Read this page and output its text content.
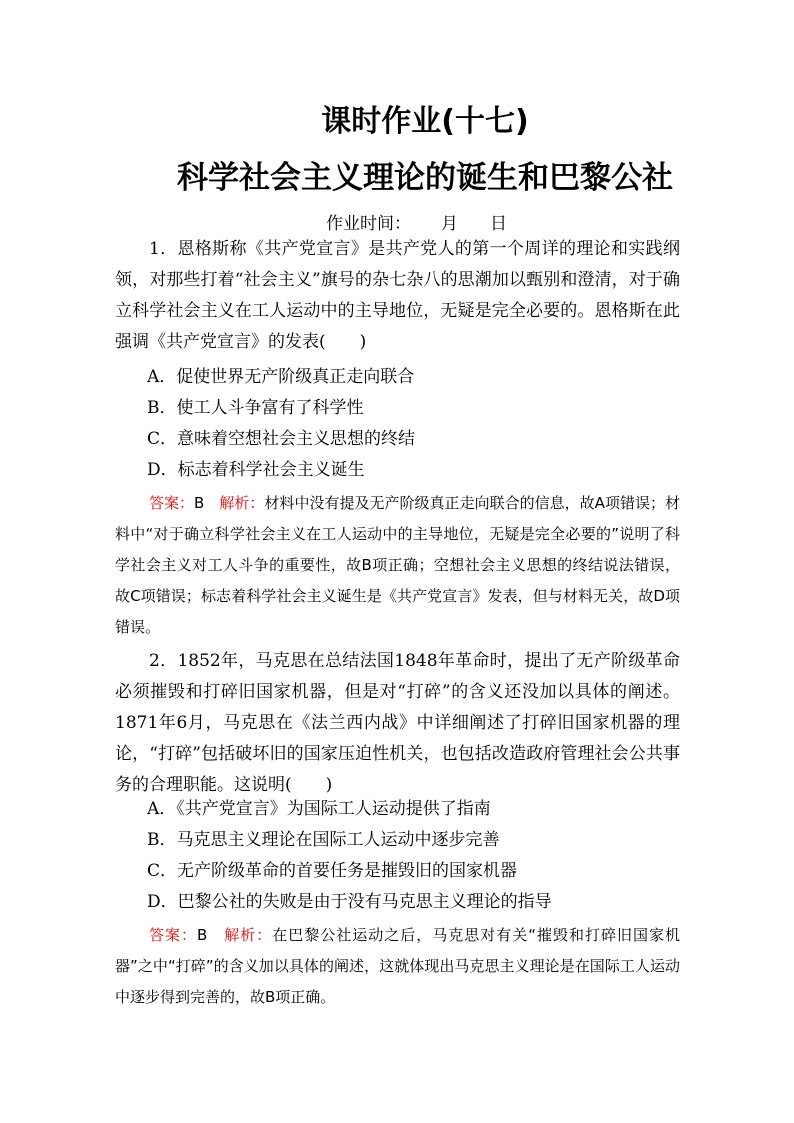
课时作业(十七)
科学社会主义理论的诞生和巴黎公社
作业时间： 月 日
1．恩格斯称《共产党宣言》是共产党人的第一个周详的理论和实践纲领，对那些打着“社会主义”旗号的杂七杂八的思潮加以甄别和澄清，对于确立科学社会主义在工人运动中的主导地位，无疑是完全必要的。恩格斯在此强调《共产党宣言》的发表(　　)
A．促使世界无产阶级真正走向联合
B．使工人斗争富有了科学性
C．意味着空想社会主义思想的终结
D．标志着科学社会主义诞生
答案：B　解析：材料中没有提及无产阶级真正走向联合的信息，故A项错误；材料中“对于确立科学社会主义在工人运动中的主导地位，无疑是完全必要的”说明了科学社会主义对工人斗争的重要性，故B项正确；空想社会主义思想的终结说法错误，故C项错误；标志着科学社会主义诞生是《共产党宣言》发表，但与材料无关，故D项错误。
2．1852年，马克思在总结法国1848年革命时，提出了无产阶级革命必须摧毁和打碎旧国家机器，但是对“打碎”的含义还没加以具体的阐述。1871年6月，马克思在《法兰西内战》中详细阐述了打碎旧国家机器的理论，“打碎”包括破坏旧的国家压迫性机关，也包括改造政府管理社会公共事务的合理职能。这说明(　　)
A．《共产党宣言》为国际工人运动提供了指南
B．马克思主义理论在国际工人运动中逐步完善
C．无产阶级革命的首要任务是摧毁旧的国家机器
D．巴黎公社的失败是由于没有马克思主义理论的指导
答案：B　解析：在巴黎公社运动之后，马克思对有关“摧毁和打碎旧国家机器”之中“打碎”的含义加以具体的阐述，这就体现出马克思主义理论是在国际工人运动中逐步得到完善的，故B项正确。
